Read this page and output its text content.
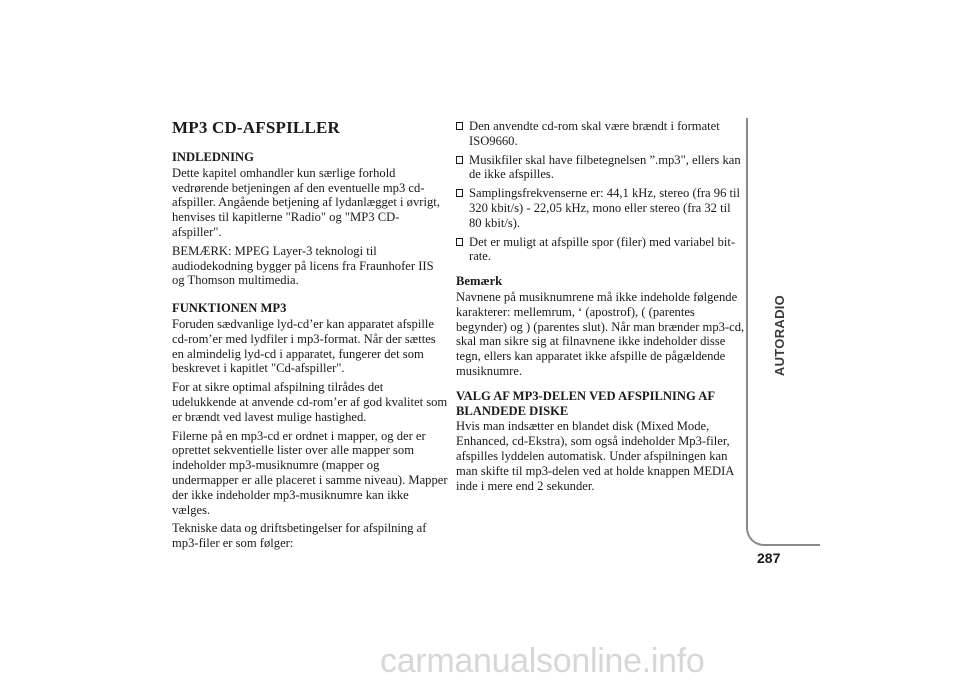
MP3 CD-AFSPILLER
INDLEDNING

Dette kapitel omhandler kun særlige forhold vedrørende betjeningen af den eventuelle mp3 cd-afspiller. Angående betjening af lydanlægget i øvrigt, henvises til kapitlerne "Radio" og "MP3 CD-afspiller".

BEMÆRK: MPEG Layer-3 teknologi til audiodekodning bygger på licens fra Fraunhofer IIS og Thomson multimedia.

FUNKTIONEN MP3

Foruden sædvanlige lyd-cd’er kan apparatet afspille cd-rom’er med lydfiler i mp3-format. Når der sættes en almindelig lyd-cd i apparatet, fungerer det som beskrevet i kapitlet "Cd-afspiller".

For at sikre optimal afspilning tilrådes det udelukkende at anvende cd-rom’er af god kvalitet som er brændt ved lavest mulige hastighed.

Filerne på en mp3-cd er ordnet i mapper, og der er oprettet sekventielle lister over alle mapper som indeholder mp3-musiknumre (mapper og undermapper er alle placeret i samme niveau). Mapper der ikke indeholder mp3-musiknumre kan ikke vælges.

Tekniske data og driftsbetingelser for afspilning af mp3-filer er som følger:

Den anvendte cd-rom skal være brændt i formatet ISO9660.
Musikfiler skal have filbetegnelsen ”.mp3", ellers kan de ikke afspilles.
Samplingsfrekvenserne er: 44,1 kHz, stereo (fra 96 til 320 kbit/s) - 22,05 kHz, mono eller stereo (fra 32 til 80 kbit/s).
Det er muligt at afspille spor (filer) med variabel bit-rate.
Bemærk

Navnene på musiknumrene må ikke indeholde følgende karakterer: mellemrum, ‘ (apostrof), ( (parentes begynder) og ) (parentes slut). Når man brænder mp3-cd, skal man sikre sig at filnavnene ikke indeholder disse tegn, ellers kan apparatet ikke afspille de pågældende musiknumre.

VALG AF MP3-DELEN VED AFSPILNING AF BLANDEDE DISKE

Hvis man indsætter en blandet disk (Mixed Mode, Enhanced, cd-Ekstra), som også indeholder Mp3-filer, afspilles lyddelen automatisk. Under afspilningen kan man skifte til mp3-delen ved at holde knappen MEDIA inde i mere end 2 sekunder.

AUTORADIO
287
carmanualsonline.info
